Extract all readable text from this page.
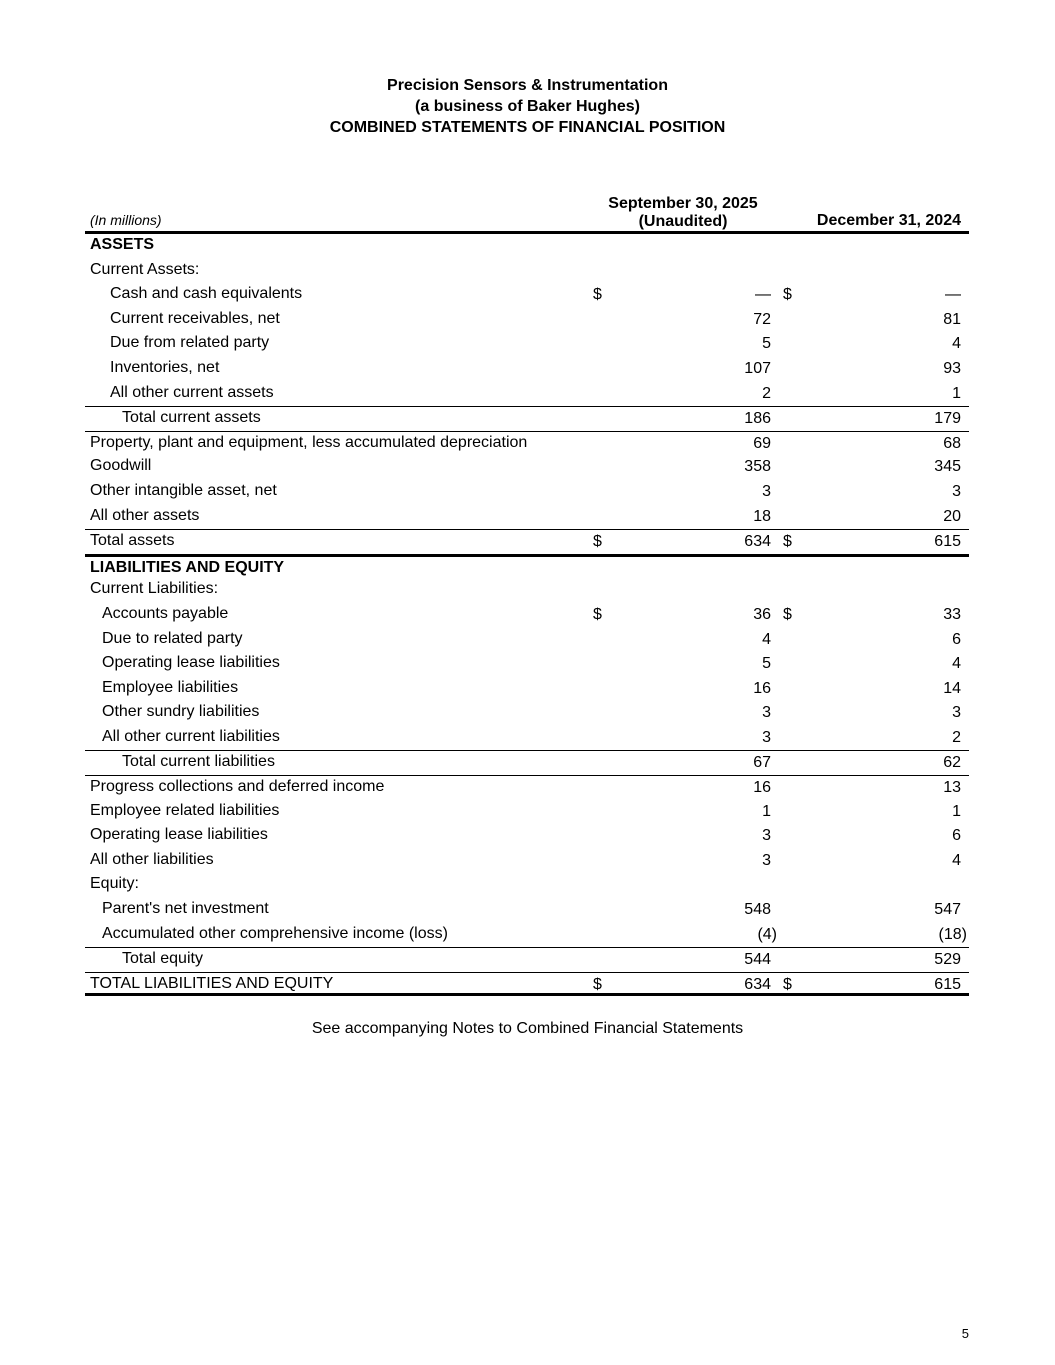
Precision Sensors & Instrumentation
(a business of Baker Hughes)
COMBINED STATEMENTS OF FINANCIAL POSITION
(In millions)
September 30, 2025
(Unaudited)	December 31, 2024
ASSETS
Current Assets:
Cash and cash equivalents	$	— $	—
Current receivables, net	72	81
Due from related party	5	4
Inventories, net	107	93
All other current assets	2	1
Total current assets	186	179
Property, plant and equipment, less accumulated depreciation	69	68
Goodwill	358	345
Other intangible asset, net	3	3
All other assets	18	20
Total assets	$	634 $	615
LIABILITIES AND EQUITY
Current Liabilities:
Accounts payable	$	36 $	33
Due to related party	4	6
Operating lease liabilities	5	4
Employee liabilities	16	14
Other sundry liabilities	3	3
All other current liabilities	3	2
Total current liabilities	67	62
Progress collections and deferred income	16	13
Employee related liabilities	1	1
Operating lease liabilities	3	6
All other liabilities	3	4
Equity:
Parent's net investment	548	547
Accumulated other comprehensive income (loss)	(4)	(18)
Total equity	544	529
TOTAL LIABILITIES AND EQUITY	$	634 $	615
See accompanying Notes to Combined Financial Statements
5
